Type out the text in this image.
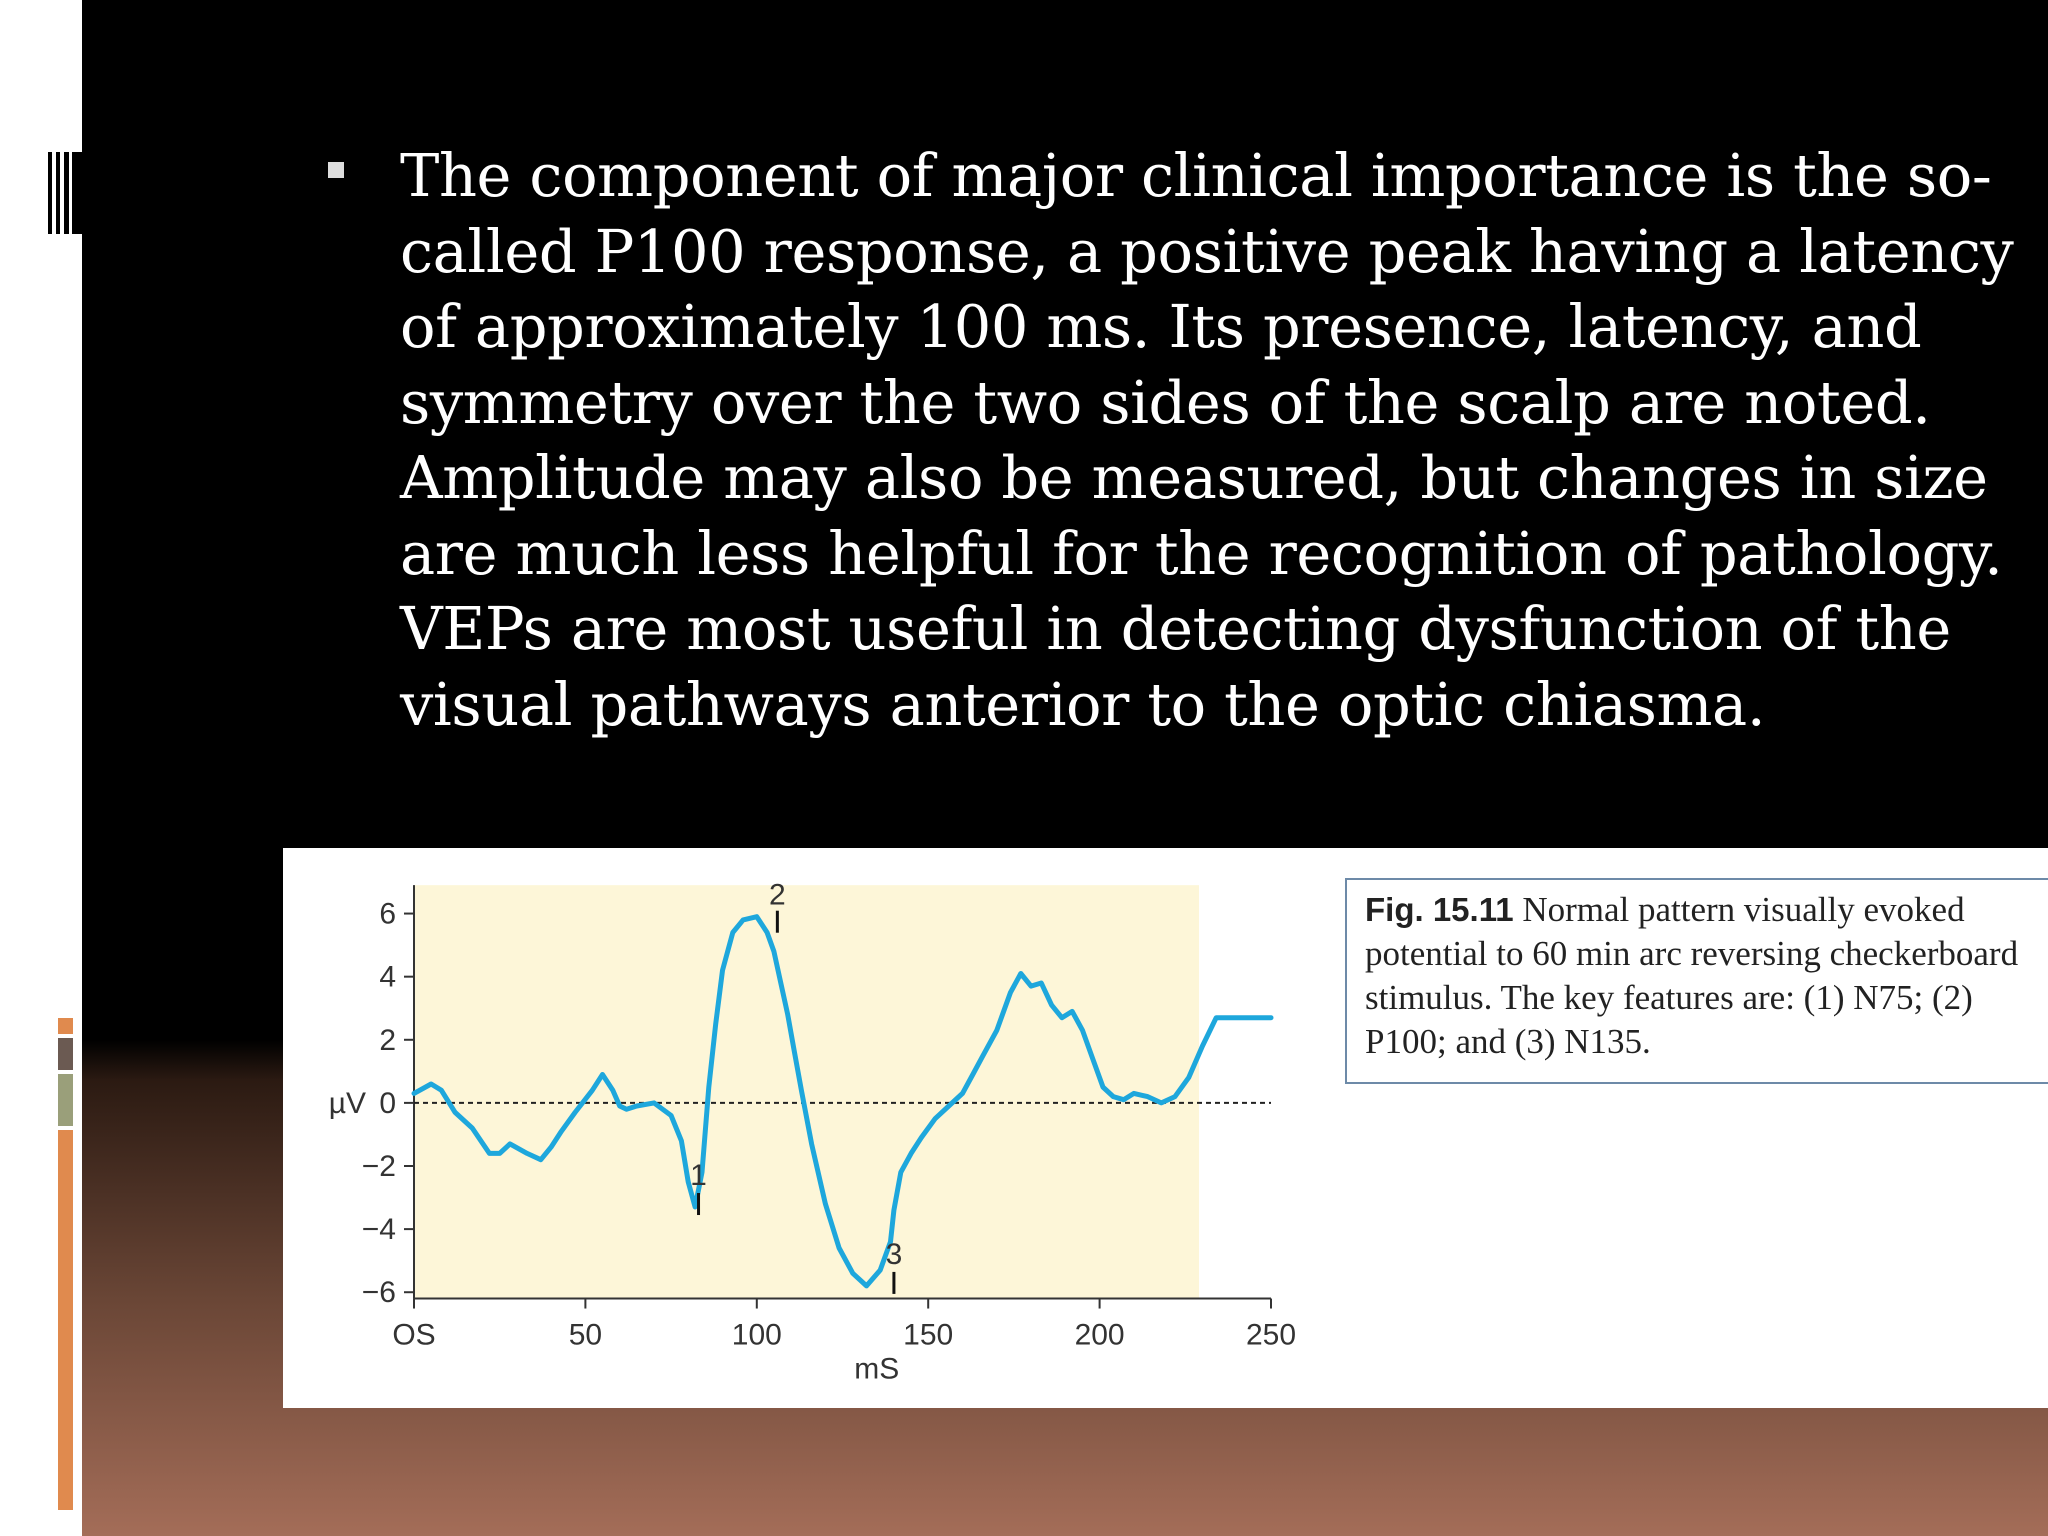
The component of major clinical importance is the so-called P100 response, a positive peak having a latency of approximately 100 ms. Its presence, latency, and symmetry over the two sides of the scalp are noted. Amplitude may also be measured, but changes in size are much less helpful for the recognition of pathology. VEPs are most useful in detecting dysfunction of the visual pathways anterior to the optic chiasma.
6
4
2
0
−2
−4
−6
OS	50	100	150	200	250
µV
mS
1
2
3
Fig. 15.11 Normal pattern visually evoked potential to 60 min arc reversing checkerboard stimulus. The key features are: (1) N75; (2) P100; and (3) N135.
